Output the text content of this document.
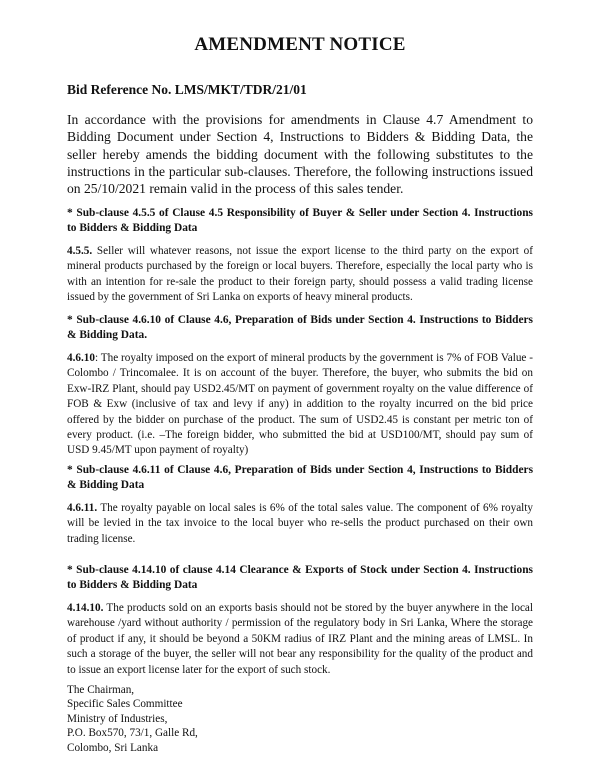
AMENDMENT NOTICE
Bid Reference No. LMS/MKT/TDR/21/01
In accordance with the provisions for amendments in Clause 4.7 Amendment to Bidding Document under Section 4, Instructions to Bidders & Bidding Data, the seller hereby amends the bidding document with the following substitutes to the instructions in the particular sub-clauses. Therefore, the following instructions issued on 25/10/2021 remain valid in the process of this sales tender.
* Sub-clause 4.5.5 of Clause 4.5 Responsibility of Buyer & Seller under Section 4. Instructions to Bidders & Bidding Data
4.5.5. Seller will whatever reasons, not issue the export license to the third party on the export of mineral products purchased by the foreign or local buyers. Therefore, especially the local party who is with an intention for re-sale the product to their foreign party, should possess a valid trading license issued by the government of Sri Lanka on exports of heavy mineral products.
* Sub-clause 4.6.10 of Clause 4.6, Preparation of Bids under Section 4. Instructions to Bidders & Bidding Data.
4.6.10: The royalty imposed on the export of mineral products by the government is 7% of FOB Value - Colombo / Trincomalee. It is on account of the buyer. Therefore, the buyer, who submits the bid on Exw-IRZ Plant, should pay USD2.45/MT on payment of government royalty on the value difference of FOB & Exw (inclusive of tax and levy if any) in addition to the royalty incurred on the bid price offered by the bidder on purchase of the product. The sum of USD2.45 is constant per metric ton of every product. (i.e. –The foreign bidder, who submitted the bid at USD100/MT, should pay sum of USD 9.45/MT upon payment of royalty)
* Sub-clause 4.6.11 of Clause 4.6, Preparation of Bids under Section 4, Instructions to Bidders & Bidding Data
4.6.11. The royalty payable on local sales is 6% of the total sales value. The component of 6% royalty will be levied in the tax invoice to the local buyer who re-sells the product purchased on their own trading license.
* Sub-clause 4.14.10 of clause 4.14 Clearance & Exports of Stock under Section 4. Instructions to Bidders & Bidding Data
4.14.10. The products sold on an exports basis should not be stored by the buyer anywhere in the local warehouse /yard without authority / permission of the regulatory body in Sri Lanka, Where the storage of product if any, it should be beyond a 50KM radius of IRZ Plant and the mining areas of LMSL. In such a storage of the buyer, the seller will not bear any responsibility for the quality of the product and to issue an export license later for the export of such stock.
The Chairman,
Specific Sales Committee
Ministry of Industries,
P.O. Box570, 73/1, Galle Rd,
Colombo, Sri Lanka
